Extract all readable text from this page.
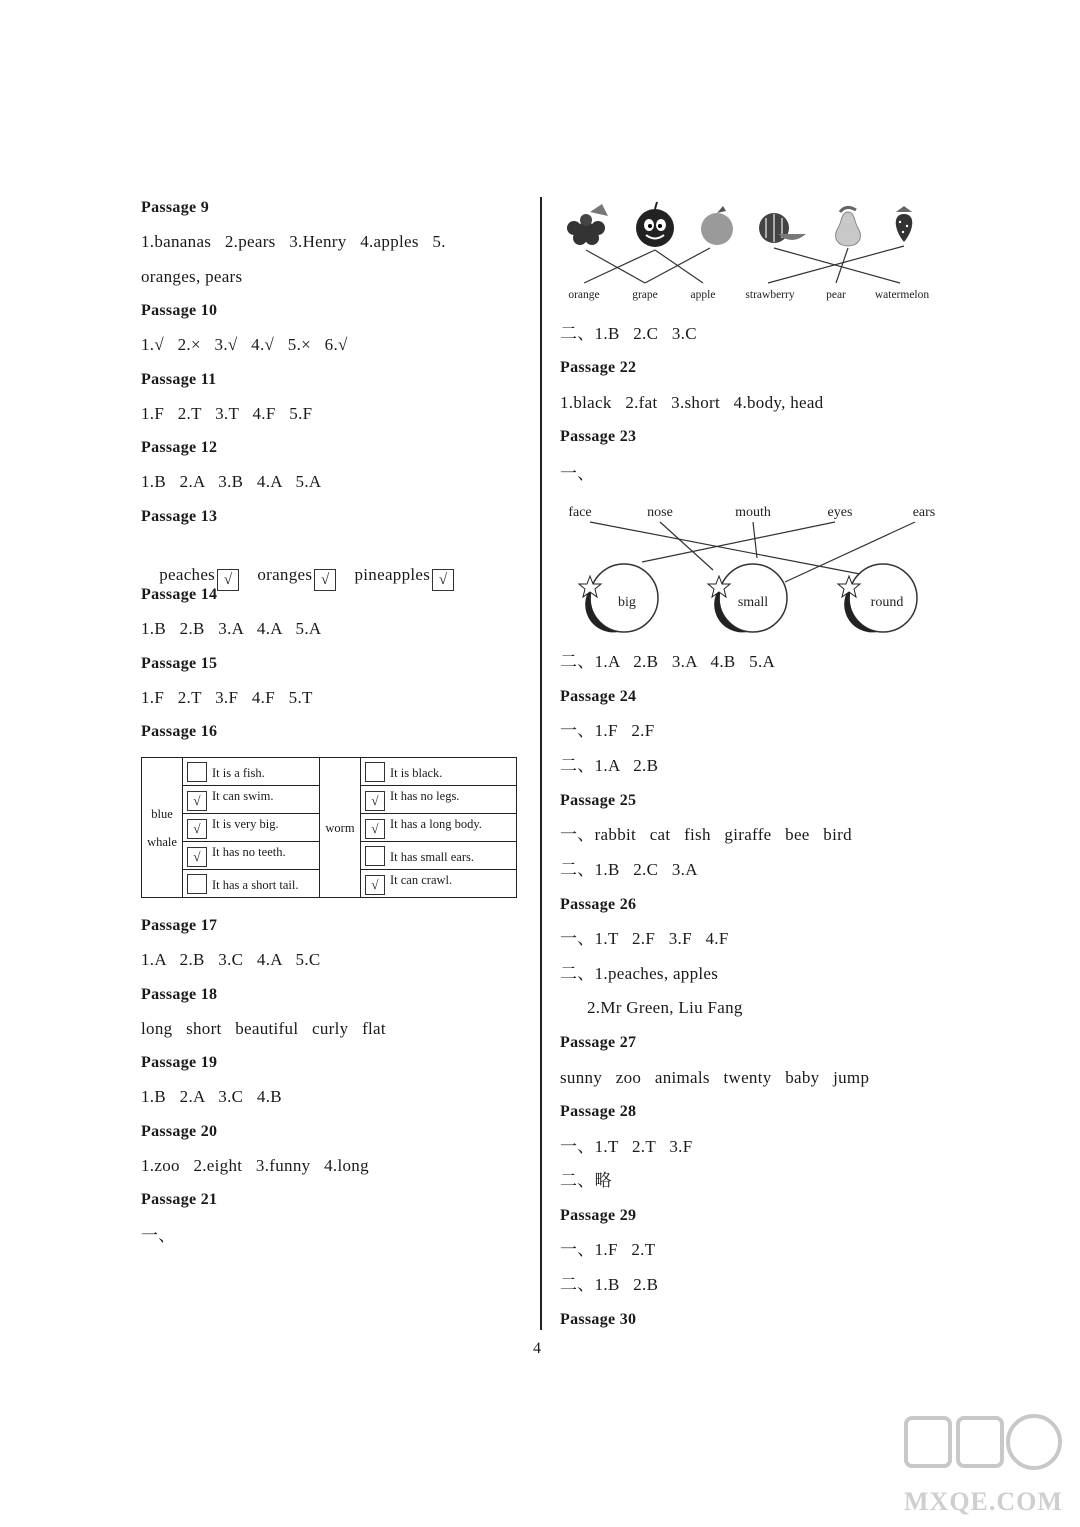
Passage 9
1.bananas   2.pears   3.Henry   4.apples   5.
oranges, pears
Passage 10
1.√   2.×   3.√   4.√   5.×   6.√
Passage 11
1.F   2.T   3.T   4.F   5.F
Passage 12
1.B   2.A   3.B   4.A   5.A
Passage 13

peaches √ oranges √ pineapples √

Passage 14
1.B   2.B   3.A   4.A   5.A
Passage 15
1.F   2.T   3.F   4.F   5.T
Passage 16
blue
whale	It is a fish.	worm	It is black.
	√ It can swim.		√ It has no legs.
	√ It is very big.		√ It has a long body.
	√ It has no teeth.		It has small ears.
	It has a short tail.		√ It can crawl.
Passage 17
1.A   2.B   3.C   4.A   5.C
Passage 18
long   short   beautiful   curly   flat
Passage 19
1.B   2.A   3.C   4.B
Passage 20
1.zoo   2.eight   3.funny   4.long
Passage 21
一、
orange	grape	apple	strawberry	pear	watermelon
二、1.B   2.C   3.C
Passage 22
1.black   2.fat   3.short   4.body, head
Passage 23
一、
face	nose	mouth	eyes	ears
big	small	round
二、1.A   2.B   3.A   4.B   5.A
Passage 24
一、1.F   2.F
二、1.A   2.B
Passage 25
一、rabbit   cat   fish   giraffe   bee   bird
二、1.B   2.C   3.A
Passage 26
一、1.T   2.F   3.F   4.F
二、1.peaches, apples
2.Mr Green, Liu Fang
Passage 27
sunny   zoo   animals   twenty   baby   jump
Passage 28
一、1.T   2.T   3.F
二、略
Passage 29
一、1.F   2.T
二、1.B   2.B
Passage 30
4
MXQE.COM
